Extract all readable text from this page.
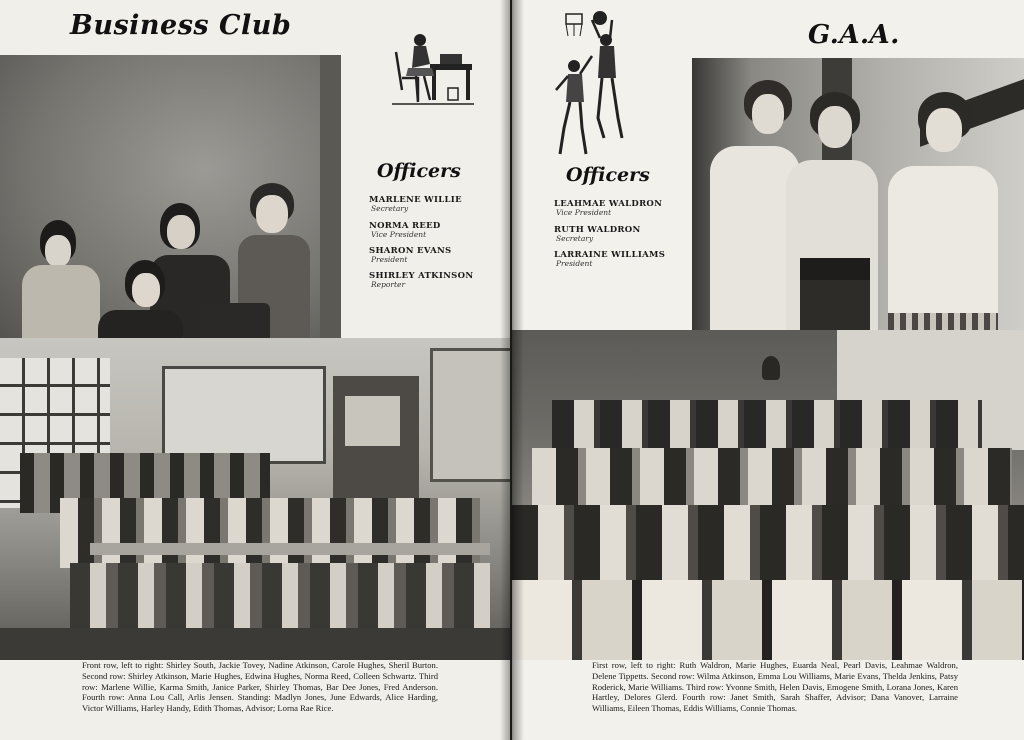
Business Club
Officers
MARLENE WILLIE
Secretary
NORMA REED
Vice President
SHARON EVANS
President
SHIRLEY ATKINSON
Reporter
Front row, left to right: Shirley South, Jackie Tovey, Nadine Atkinson, Carole Hughes, Sheril Burton. Second row: Shirley Atkinson, Marie Hughes, Edwina Hughes, Norma Reed, Colleen Schwartz. Third row: Marlene Willie, Karma Smith, Janice Parker, Shirley Thomas, Bar Dee Jones, Fred Anderson. Fourth row: Anna Lou Call, Arlis Jensen. Standing: Madlyn Jones, June Edwards, Alice Harding, Victor Williams, Harley Handy, Edith Thomas, Advisor; Lorna Rae Rice.
G.A.A.
Officers
LEAHMAE WALDRON
Vice President
RUTH WALDRON
Secretary
LARRAINE WILLIAMS
President
First row, left to right: Ruth Waldron, Marie Hughes, Euarda Neal, Pearl Davis, Leahmae Waldron, Delene Tippetts. Second row: Wilma Atkinson, Emma Lou Williams, Marie Evans, Thelda Jenkins, Patsy Roderick, Marie Williams. Third row: Yvonne Smith, Helen Davis, Emogene Smith, Lorana Jones, Karen Hartley, Delores Glerd. Fourth row: Janet Smith, Sarah Shaffer, Advisor; Dana Vanover, Larraine Williams, Eileen Thomas, Eddis Williams, Connie Thomas.
